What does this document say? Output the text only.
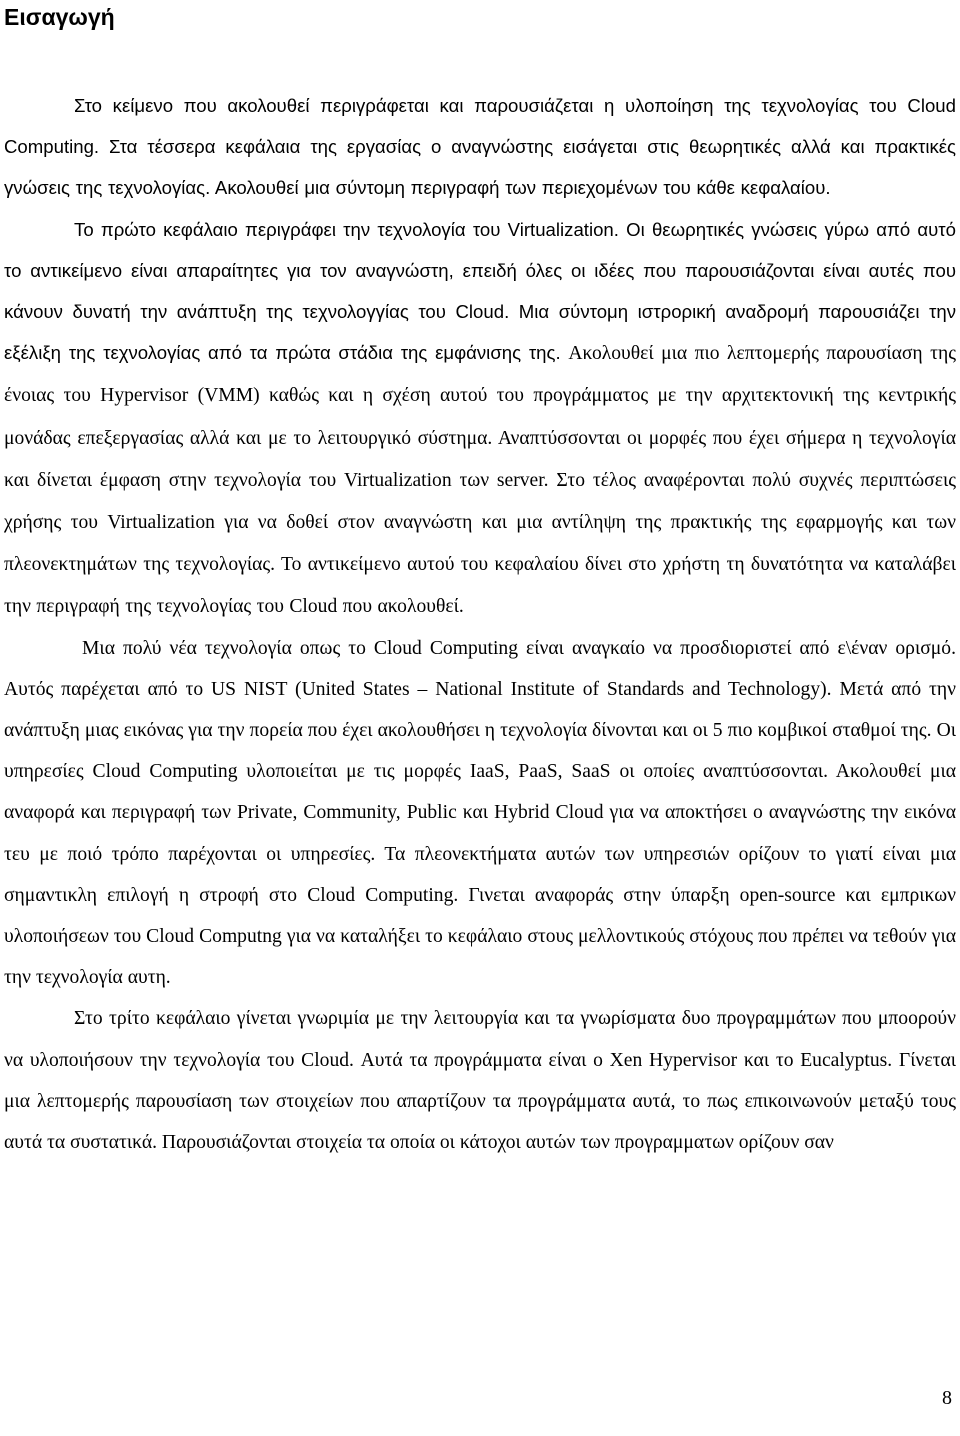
Εισαγωγή

Στο κείμενο που ακολουθεί περιγράφεται και παρουσιάζεται η υλοποίηση της τεχνολογίας του Cloud Computing. Στα τέσσερα κεφάλαια της εργασίας ο αναγνώστης εισάγεται στις θεωρητικές αλλά και πρακτικές γνώσεις της τεχνολογίας. Ακολουθεί μια σύντομη περιγραφή των περιεχομένων του κάθε κεφαλαίου.

Το πρώτο κεφάλαιο περιγράφει την τεχνολογία του Virtualization. Οι θεωρητικές γνώσεις γύρω από αυτό το αντικείμενο είναι απαραίτητες για τον αναγνώστη, επειδή όλες οι ιδέες που παρουσιάζονται είναι αυτές που κάνουν δυνατή την ανάπτυξη της τεχνολογγίας του Cloud. Μια σύντομη ιστρορική αναδρομή παρουσιάζει την εξέλιξη της τεχνολογίας από τα πρώτα στάδια της εμφάνισης της. Ακολουθεί μια πιο λεπτομερής παρουσίαση της ένοιας του Hypervisor (VMM) καθώς και η σχέση αυτού του προγράμματος με την αρχιτεκτονική της κεντρικής μονάδας επεξεργασίας αλλά και με το λειτουργικό σύστημα. Αναπτύσσονται οι μορφές που έχει σήμερα η τεχνολογία και δίνεται έμφαση στην τεχνολογία του Virtualization των server. Στο τέλος αναφέρονται πολύ συχνές περιπτώσεις χρήσης του Virtualization για να δοθεί στον αναγνώστη και μια αντίληψη της πρακτικής της εφαρμογής και των πλεονεκτημάτων της τεχνολογίας. Το αντικείμενο αυτού του κεφαλαίου δίνει στο χρήστη τη δυνατότητα να καταλάβει την περιγραφή της τεχνολογίας του Cloud που ακολουθεί.

Μια πολύ νέα τεχνολογία οπως το Cloud Computing είναι αναγκαίο να προσδιοριστεί από ε\έναν ορισμό. Αυτός παρέχεται από το US NIST (United States – National Institute of Standards and Technology). Μετά από την ανάπτυξη μιας εικόνας για την πορεία που έχει ακολουθήσει η τεχνολογία δίνονται και οι 5 πιο κομβικοί σταθμοί της. Οι υπηρεσίες Cloud Computing υλοποιείται με τις μορφές IaaS, PaaS, SaaS οι οποίες αναπτύσσονται. Ακολουθεί μια αναφορά και περιγραφή των Private, Community, Public και Hybrid Cloud για να αποκτήσει ο αναγνώστης την εικόνα τευ με ποιό τρόπο παρέχονται οι υπηρεσίες. Τα πλεονεκτήματα αυτών των υπηρεσιών ορίζουν το γιατί είναι μια σημαντικλη επιλογή η στροφή στο Cloud Computing. Γινεται αναφοράς στην ύπαρξη open-source και εμπρικων υλοποιήσεων του Cloud Computng για να καταλήξει το κεφάλαιο στους μελλοντικούς στόχους που πρέπει να τεθούν για την τεχνολογία αυτη.

Στο τρίτο κεφάλαιο γίνεται γνωριμία με την λειτουργία και τα γνωρίσματα δυο προγραμμάτων που μποορούν να υλοποιήσουν την τεχνολογία του Cloud. Αυτά τα προγράμματα είναι ο Xen Hypervisor και το Eucalyptus. Γίνεται μια λεπτομερής παρουσίαση των στοιχείων που απαρτίζουν τα προγράμματα αυτά, το πως επικοινωνούν μεταξύ τους αυτά τα συστατικά. Παρουσιάζονται στοιχεία τα οποία οι κάτοχοι αυτών των προγραμματων ορίζουν σαν

8
